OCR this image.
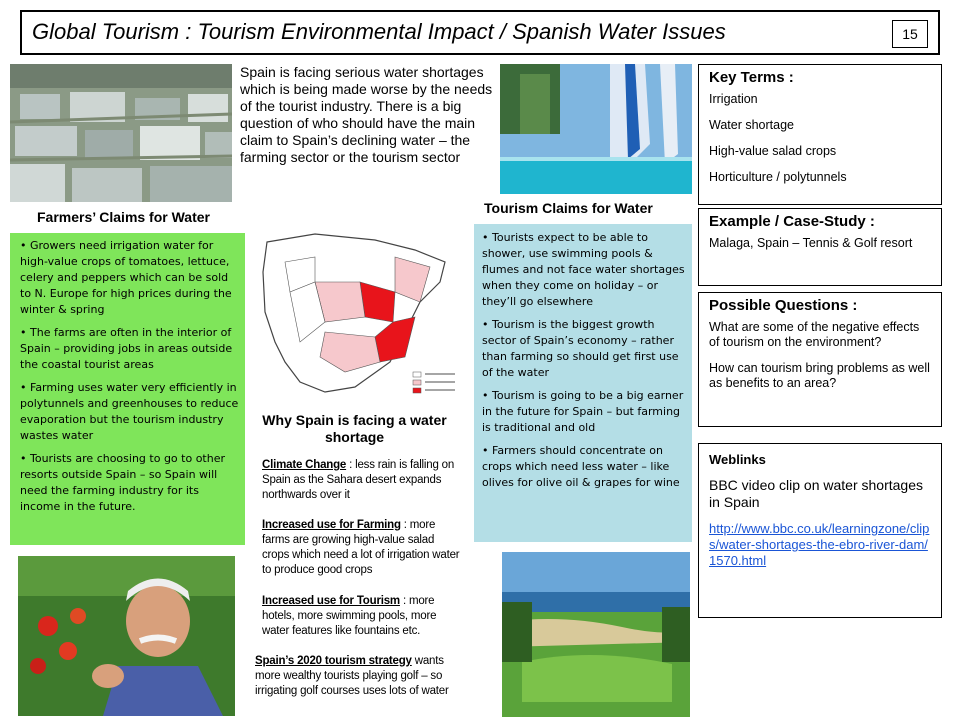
Global Tourism : Tourism Environmental Impact / Spanish Water Issues	15
Spain is facing serious water shortages which is being made worse by the needs of the tourist industry. There is a big question of who should have the main claim to Spain’s declining water – the farming sector or the tourism sector
Farmers’ Claims for Water
• Growers need irrigation water for high-value crops of tomatoes, lettuce, celery and peppers which can be sold to N. Europe for high prices during the winter & spring
• The farms are often in the interior of Spain – providing jobs in areas outside the coastal tourist areas
• Farming uses water very efficiently in polytunnels and greenhouses to reduce evaporation but the tourism industry wastes water
• Tourists are choosing to go to other resorts outside Spain – so Spain will need the farming industry for its income in the future.
Why Spain is facing a water shortage
Climate Change : less rain is falling on Spain as the Sahara desert expands northwards over it
Increased use for Farming : more farms are growing high-value salad crops which need a lot of irrigation water to produce good crops
Increased use for Tourism : more hotels, more swimming pools, more water features like fountains etc.
Spain’s 2020 tourism strategy wants more wealthy tourists playing golf – so irrigating golf courses uses lots of water
Tourism Claims for Water
• Tourists expect to be able to shower, use swimming pools & flumes and not face water shortages when they come on holiday – or they’ll go elsewhere
• Tourism is the biggest growth sector of Spain’s economy – rather than farming so should get first use of the water
• Tourism is going to be a big earner in the future for Spain – but farming is traditional and old
• Farmers should concentrate on crops which need less water – like olives for olive oil & grapes for wine
Key Terms :
Irrigation
Water shortage
High-value salad crops
Horticulture / polytunnels
Example / Case-Study :
Malaga, Spain – Tennis & Golf resort
Possible Questions :
What are some of the negative effects of tourism on the environment?
How can tourism bring problems as well as benefits to an area?
Weblinks
BBC video clip on water shortages in Spain
http://www.bbc.co.uk/learningzone/clips/water-shortages-the-ebro-river-dam/1570.html
